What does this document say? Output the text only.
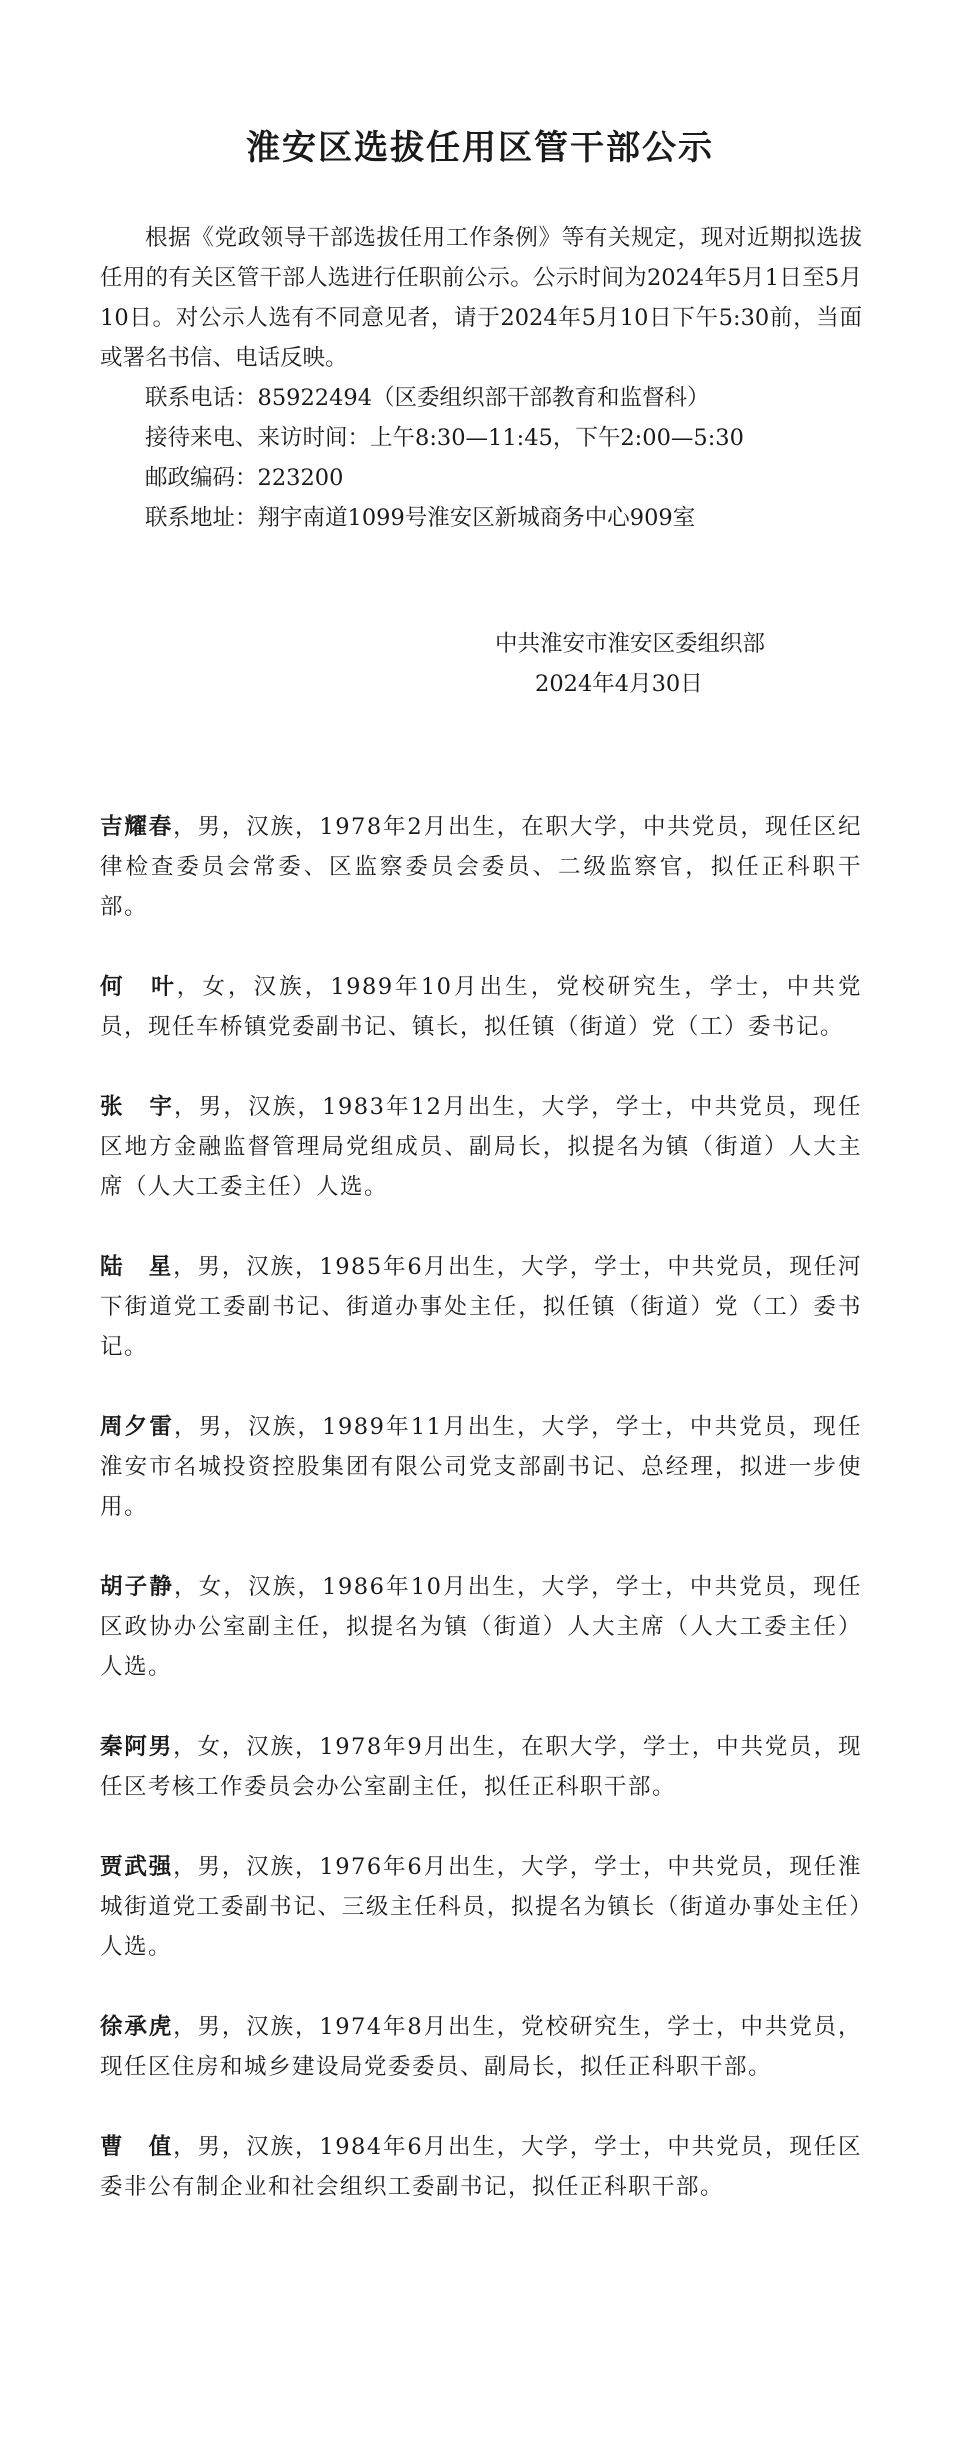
淮安区选拔任用区管干部公示

根据《党政领导干部选拔任用工作条例》等有关规定，现对近期拟选拔任用的有关区管干部人选进行任职前公示。公示时间为2024年5月1日至5月10日。对公示人选有不同意见者，请于2024年5月10日下午5:30前，当面或署名书信、电话反映。

联系电话：85922494（区委组织部干部教育和监督科）

接待来电、来访时间：上午8:30—11:45，下午2:00—5:30

邮政编码：223200

联系地址：翔宇南道1099号淮安区新城商务中心909室

中共淮安市淮安区委组织部
2024年4月30日

吉耀春，男，汉族，1978年2月出生，在职大学，中共党员，现任区纪律检查委员会常委、区监察委员会委员、二级监察官，拟任正科职干部。

何　叶，女，汉族，1989年10月出生，党校研究生，学士，中共党员，现任车桥镇党委副书记、镇长，拟任镇（街道）党（工）委书记。

张　宇，男，汉族，1983年12月出生，大学，学士，中共党员，现任区地方金融监督管理局党组成员、副局长，拟提名为镇（街道）人大主席（人大工委主任）人选。

陆　星，男，汉族，1985年6月出生，大学，学士，中共党员，现任河下街道党工委副书记、街道办事处主任，拟任镇（街道）党（工）委书记。

周夕雷，男，汉族，1989年11月出生，大学，学士，中共党员，现任淮安市名城投资控股集团有限公司党支部副书记、总经理，拟进一步使用。

胡子静，女，汉族，1986年10月出生，大学，学士，中共党员，现任区政协办公室副主任，拟提名为镇（街道）人大主席（人大工委主任）人选。

秦阿男，女，汉族，1978年9月出生，在职大学，学士，中共党员，现任区考核工作委员会办公室副主任，拟任正科职干部。

贾武强，男，汉族，1976年6月出生，大学，学士，中共党员，现任淮城街道党工委副书记、三级主任科员，拟提名为镇长（街道办事处主任）人选。

徐承虎，男，汉族，1974年8月出生，党校研究生，学士，中共党员，现任区住房和城乡建设局党委委员、副局长，拟任正科职干部。

曹　值，男，汉族，1984年6月出生，大学，学士，中共党员，现任区委非公有制企业和社会组织工委副书记，拟任正科职干部。
